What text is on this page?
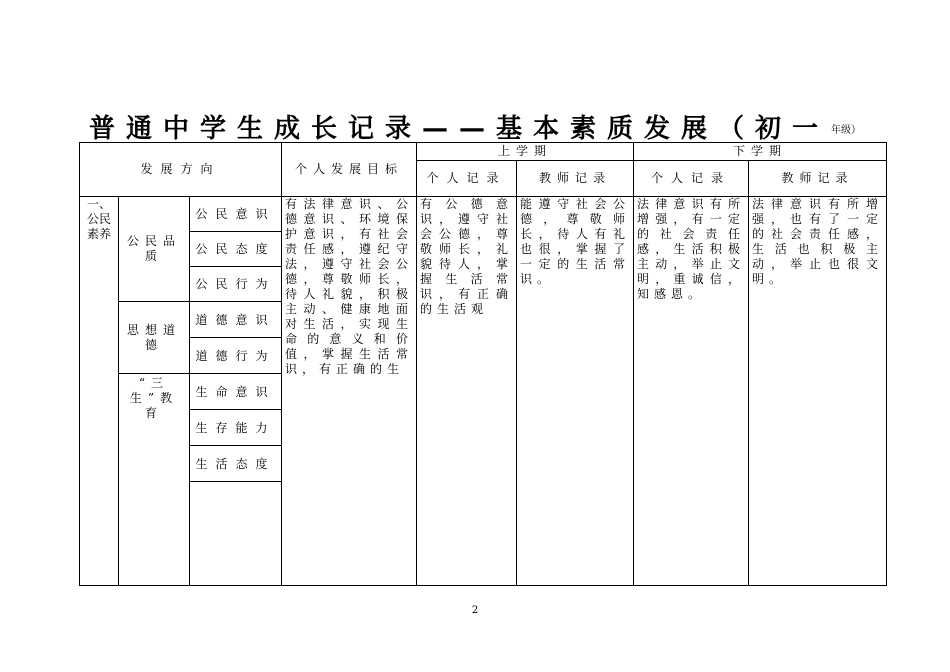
普通中学生成长记录——基本素质发展（初一 年级）
发展方向			个人发展目标	上学期		下学期	
				个人记录	教师记录	个人记录	教师记录
一、公民素养	公民品质	公民意识	有法律意识、公德意识、环境保护意识，有社会责任感，遵纪守法，遵守社会公德，尊敬师长，待人礼貌，积极主动、健康地面对生活，实现生命的意义和价值，掌握生活常识，有正确的生	有公德意识，遵守社会公德，尊敬师长，礼貌待人，掌握生活常识，有正确的生活观	能遵守社会公德，尊敬师长，待人有礼也很，掌握了一定的生活常识。	法律意识有所增强，有一定的社会责任感，生活积极主动，举止文明，重诚信，知感恩。	法律意识有所增强，也有了一定的社会责任感，生活也积极主动，举止也很文明。
		公民态度					
		公民行为					
	思想道德	道德意识					
		道德行为					
	“三生”教育	生命意识					
		生存能力					
		生活态度					

2
